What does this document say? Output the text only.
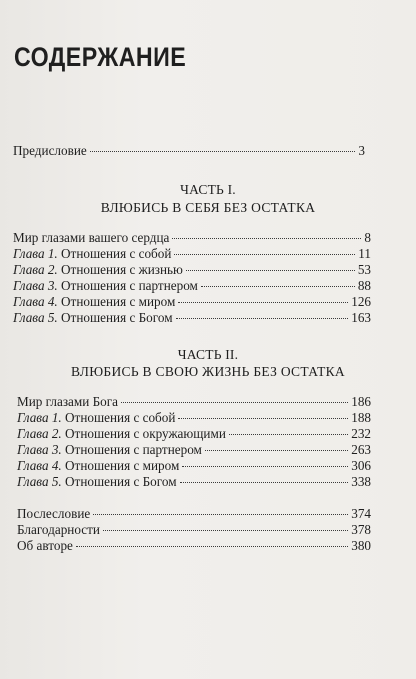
СОДЕРЖАНИЕ
Предисловие	3
ЧАСТЬ I.
ВЛЮБИСЬ В СЕБЯ БЕЗ ОСТАТКА
Мир глазами вашего сердца	8
Глава 1. Отношения с собой	11
Глава 2. Отношения с жизнью	53
Глава 3. Отношения с партнером	88
Глава 4. Отношения с миром	126
Глава 5. Отношения с Богом	163
ЧАСТЬ II.
ВЛЮБИСЬ В СВОЮ ЖИЗНЬ БЕЗ ОСТАТКА
Мир глазами Бога	186
Глава 1. Отношения с собой	188
Глава 2. Отношения с окружающими	232
Глава 3. Отношения с партнером	263
Глава 4. Отношения с миром	306
Глава 5. Отношения с Богом	338
Послесловие	374
Благодарности	378
Об авторе	380
